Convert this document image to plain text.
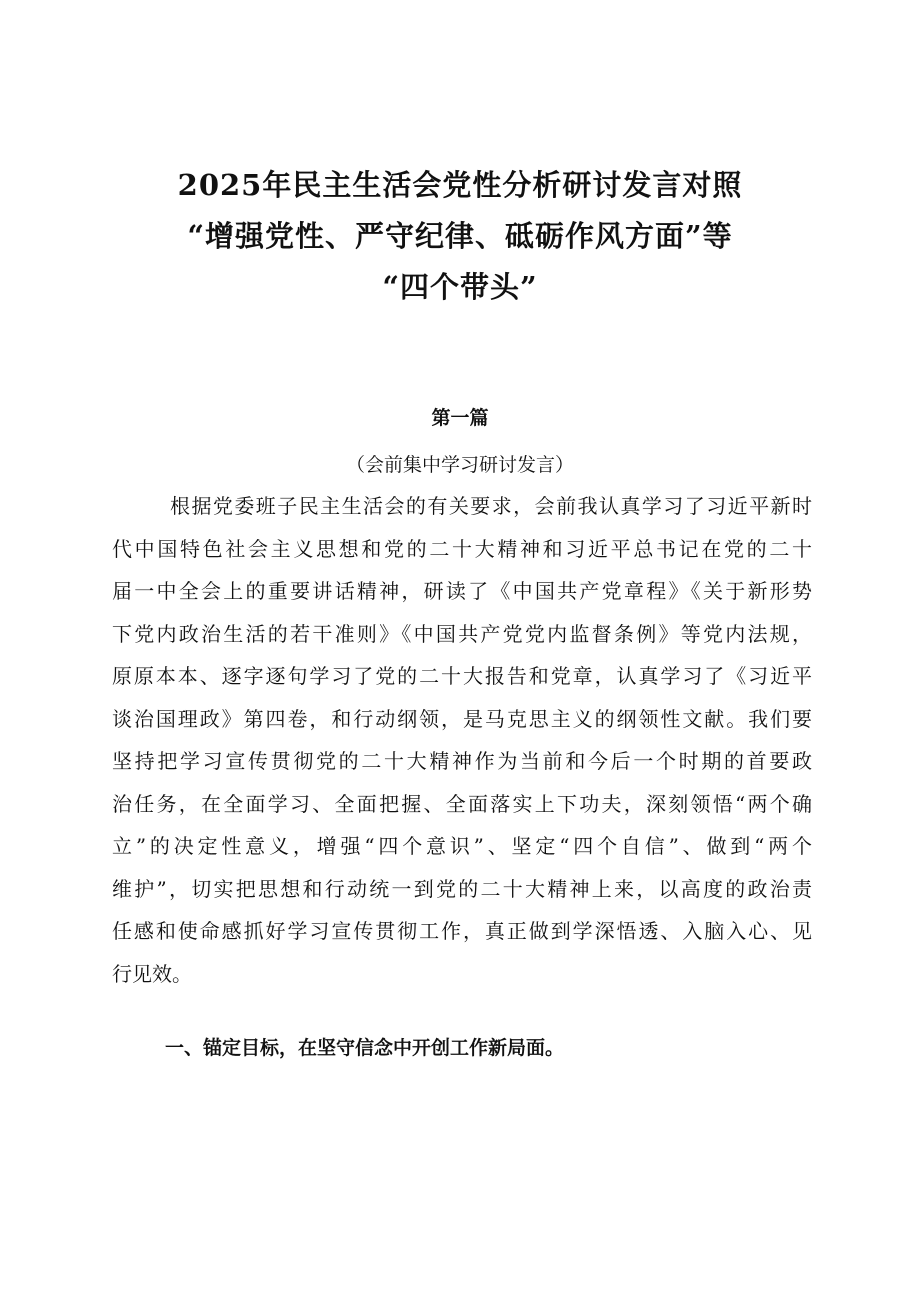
2025年民主生活会党性分析研讨发言对照
“增强党性、严守纪律、砥砺作风方面”等
“四个带头”
第一篇
（会前集中学习研讨发言）
根据党委班子民主生活会的有关要求，会前我认真学习了习近平新时
代中国特色社会主义思想和党的二十大精神和习近平总书记在党的二十
届一中全会上的重要讲话精神，研读了《中国共产党章程》《关于新形势
下党内政治生活的若干准则》《中国共产党党内监督条例》等党内法规，
原原本本、逐字逐句学习了党的二十大报告和党章，认真学习了《习近平
谈治国理政》第四卷，和行动纲领，是马克思主义的纲领性文献。我们要
坚持把学习宣传贯彻党的二十大精神作为当前和今后一个时期的首要政
治任务，在全面学习、全面把握、全面落实上下功夫，深刻领悟“两个确
立”的决定性意义，增强“四个意识”、坚定“四个自信”、做到“两个
维护”，切实把思想和行动统一到党的二十大精神上来，以高度的政治责
任感和使命感抓好学习宣传贯彻工作，真正做到学深悟透、入脑入心、见
行见效。
一、锚定目标，在坚守信念中开创工作新局面。
